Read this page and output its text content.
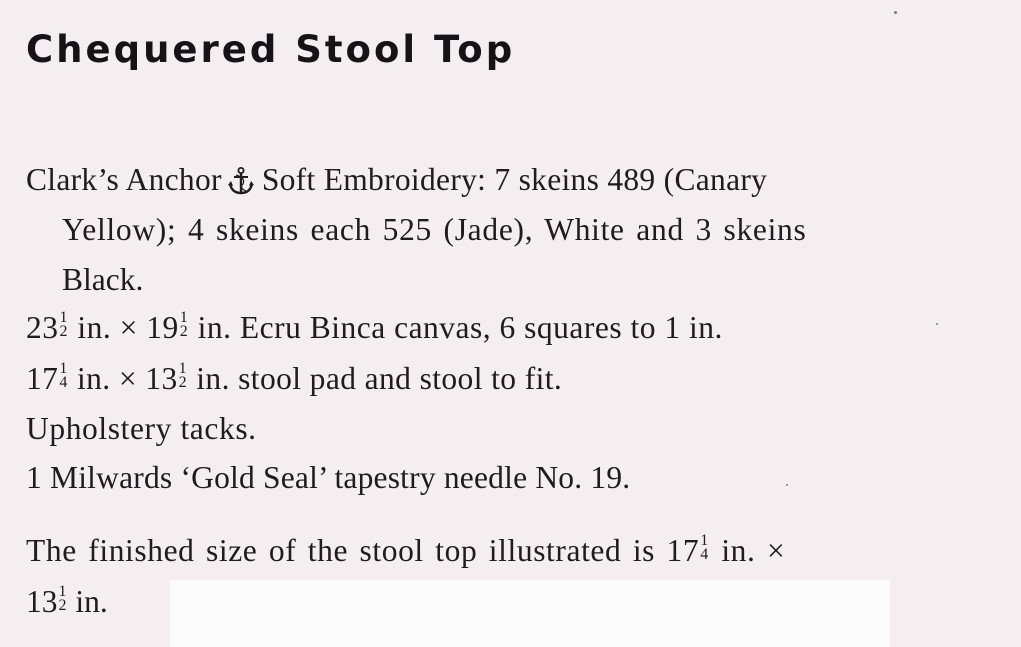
Chequered Stool Top
Clark’s Anchor Soft Embroidery: 7 skeins 489 (Canary
Yellow); 4 skeins each 525 (Jade), White and 3 skeins
Black.
23 1
2 in. × 19 1
2 in. Ecru Binca canvas, 6 squares to 1 in.
17 1
4 in. × 13 1
2 in. stool pad and stool to fit.
Upholstery tacks.
1 Milwards ‘Gold Seal’ tapestry needle No. 19.
The finished size of the stool top illustrated is 17 1
4 in. ×
13 1
2 in.
